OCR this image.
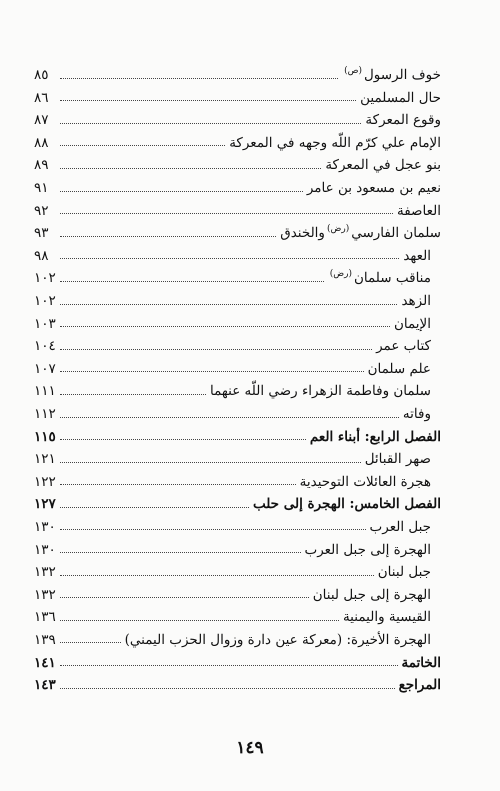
خوف الرسول$^{(ص)}$
٨٥
حال المسلمين
٨٦
وقوع المعركة
٨٧
الإمام علي كرّم اللّه وجهه في المعركة
٨٨
بنو عجل في المعركة
٨٩
نعيم بن مسعود بن عامر
٩١
العاصفة
٩٢
سلمان الفارسي$^{(رض)}$والخندق
٩٣
العهد
٩٨
مناقب سلمان$^{(رض)}$
١٠٢
الزهد
١٠٢
الإيمان
١٠٣
كتاب عمر
١٠٤
علم سلمان
١٠٧
سلمان وفاطمة الزهراء رضي اللّه عنهما
١١١
وفاته
١١٢
الفصل الرابع: أبناء العم
١١٥
صهر القبائل
١٢١
هجرة العائلات التوحيدية
١٢٢
الفصل الخامس: الهجرة إلى حلب
١٢٧
جبل العرب
١٣٠
الهجرة إلى جبل العرب
١٣٠
جبل لبنان
١٣٢
الهجرة إلى جبل لبنان
١٣٢
القيسية واليمنية
١٣٦
الهجرة الأخيرة: (معركة عين دارة وزوال الحزب اليمني)
١٣٩
الخاتمة
١٤١
المراجع
١٤٣
١٤٩
